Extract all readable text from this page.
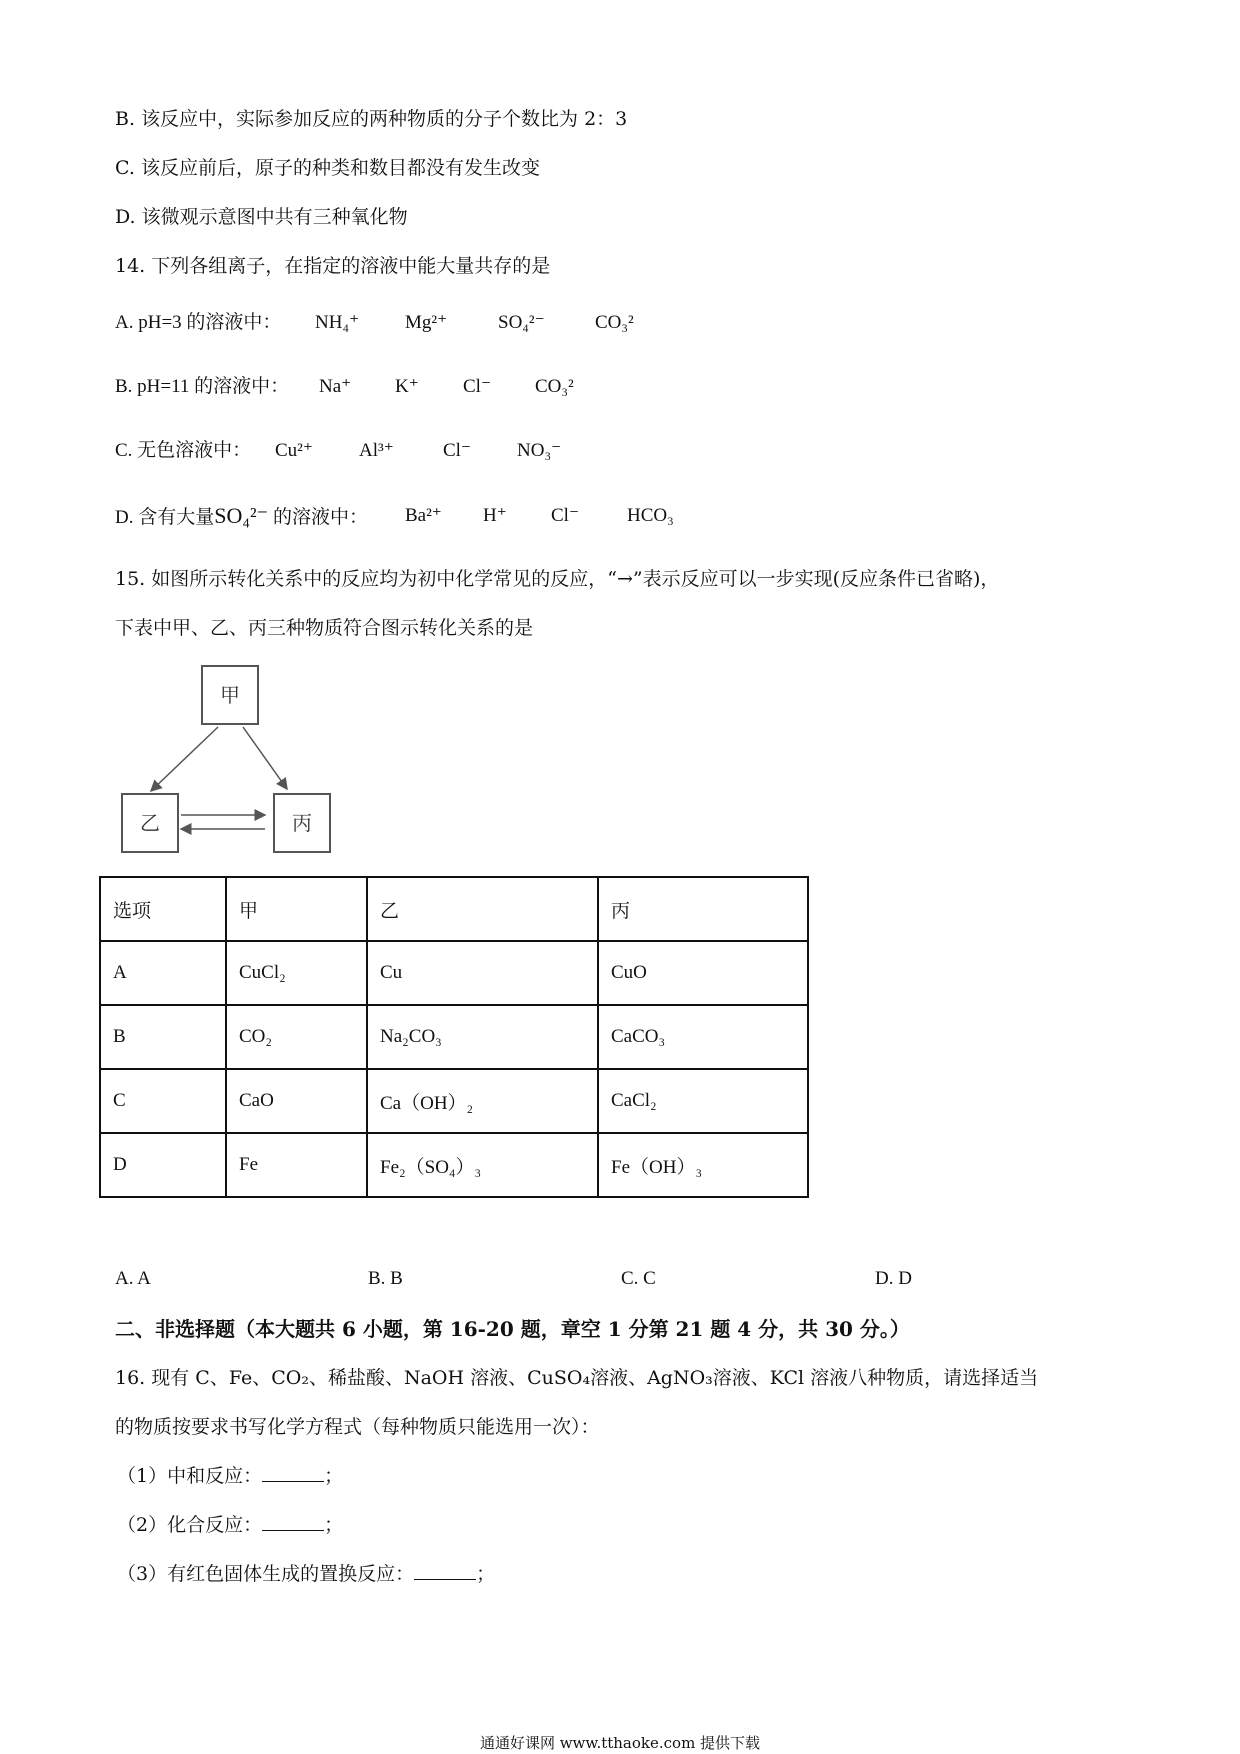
B. 该反应中，实际参加反应的两种物质的分子个数比为 2：3
C. 该反应前后，原子的种类和数目都没有发生改变
D. 该微观示意图中共有三种氧化物
14. 下列各组离子，在指定的溶液中能大量共存的是
A. pH=3 的溶液中： NH₄⁺ Mg²⁺	SO₄²⁻	CO₃²
B. pH=11 的溶液中： Na⁺ K⁺ Cl⁻ CO₃²
C. 无色溶液中： Cu²⁺ Al³⁺	Cl⁻ NO₃⁻
D. 含有大量SO₄²⁻ 的溶液中： Ba²⁺ H⁺ Cl⁻	HCO₃
15. 如图所示转化关系中的反应均为初中化学常见的反应，“→”表示反应可以一步实现(反应条件已省略)，
下表中甲、乙、丙三种物质符合图示转化关系的是
甲
乙	丙
选项	甲	乙	丙
A	CuCl₂	Cu	CuO
B	CO₂	Na₂CO₃	CaCO₃
C	CaO	Ca（OH）₂	CaCl₂
D	Fe	Fe₂（SO₄）₃	Fe（OH）₃
A. A	B. B	C. C	D. D
二、非选择题（本大题共 6 小题，第 16-20 题，章空 1 分第 21 题 4 分，共 30 分。）
16. 现有 C、Fe、CO₂、稀盐酸、NaOH 溶液、CuSO₄溶液、AgNO₃溶液、KCl 溶液八种物质，请选择适当
的物质按要求书写化学方程式（每种物质只能选用一次）：
（1）中和反应：	；
（2）化合反应：	；
（3）有红色固体生成的置换反应：	；
通通好课网 www.tthaoke.com 提供下载
